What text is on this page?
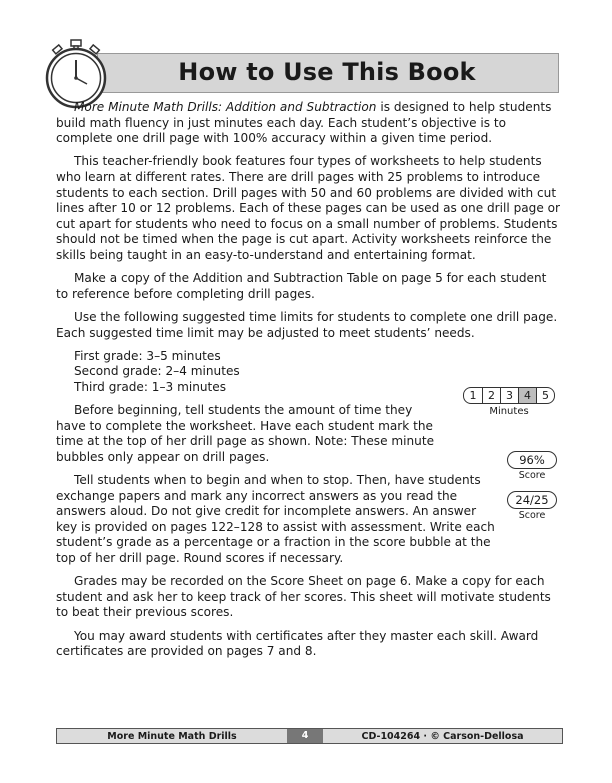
How to Use This Book

More Minute Math Drills: Addition and Subtraction is designed to help students build math fluency in just minutes each day. Each student’s objective is to complete one drill page with 100% accuracy within a given time period.

This teacher-friendly book features four types of worksheets to help students who learn at different rates. There are drill pages with 25 problems to introduce students to each section. Drill pages with 50 and 60 problems are divided with cut lines after 10 or 12 problems. Each of these pages can be used as one drill page or cut apart for students who need to focus on a small number of problems. Students should not be timed when the page is cut apart. Activity worksheets reinforce the skills being taught in an easy-to-understand and entertaining format.

Make a copy of the Addition and Subtraction Table on page 5 for each student to reference before completing drill pages.

Use the following suggested time limits for students to complete one drill page. Each suggested time limit may be adjusted to meet students’ needs.

First grade: 3–5 minutes

Second grade: 2–4 minutes

Third grade: 1–3 minutes

Before beginning, tell students the amount of time they have to complete the worksheet. Have each student mark the time at the top of her drill page as shown. Note: These minute bubbles only appear on drill pages.

Tell students when to begin and when to stop. Then, have students exchange papers and mark any incorrect answers as you read the answers aloud. Do not give credit for incomplete answers. An answer key is provided on pages 122–128 to assist with assessment. Write each student’s grade as a percentage or a fraction in the score bubble at the top of her drill page. Round scores if necessary.

Grades may be recorded on the Score Sheet on page 6. Make a copy for each student and ask her to keep track of her scores. This sheet will motivate students to beat their previous scores.

You may award students with certificates after they master each skill. Award certificates are provided on pages 7 and 8.

1	2	3	4	5
Minutes
96%
Score
24/25
Score
More Minute Math Drills	4	CD-104264 · © Carson-Dellosa
